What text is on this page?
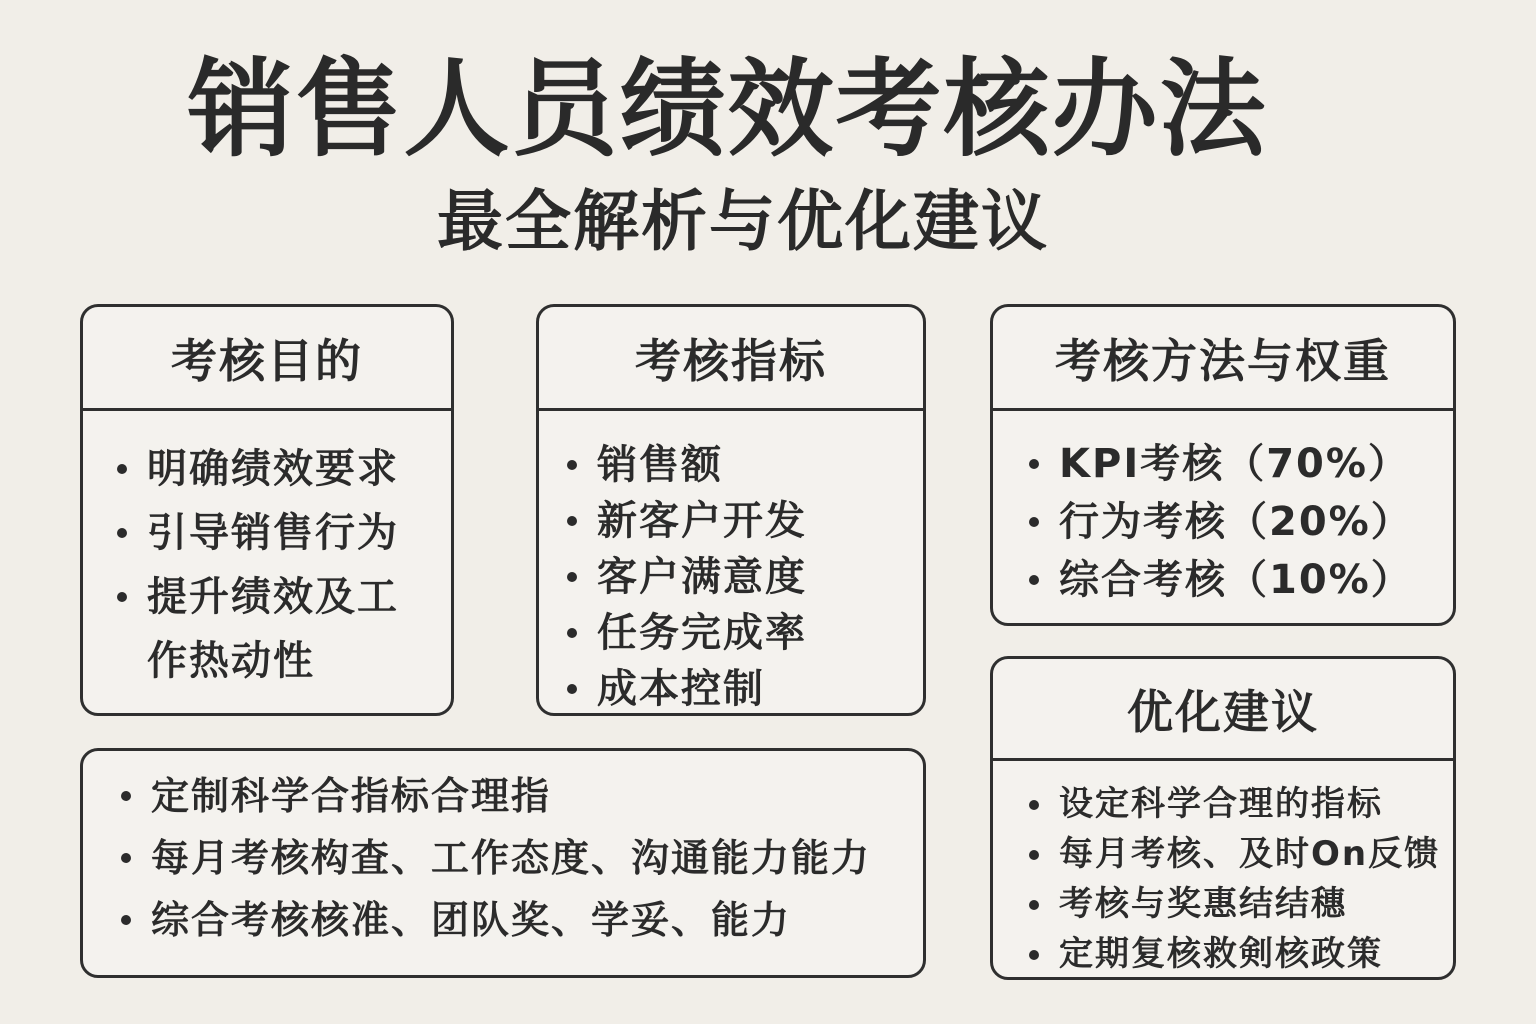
销售人员绩效考核办法
最全解析与优化建议
考核目的
明确绩效要求
引导销售行为
提升绩效及工作热动性
考核指标
销售额
新客户开发
客户满意度
任务完成率
成本控制
考核方法与权重
KPI考核（70%）
行为考核（20%）
综合考核（10%）
定制科学合指标合理指
每月考核构査、工作态度、沟通能力能力
综合考核核准、团队奖、学妥、能力
优化建议
设定科学合理的指标
每月考核、及时On反馈
考核与奖惠结结穗
定期复核救剣核政策
